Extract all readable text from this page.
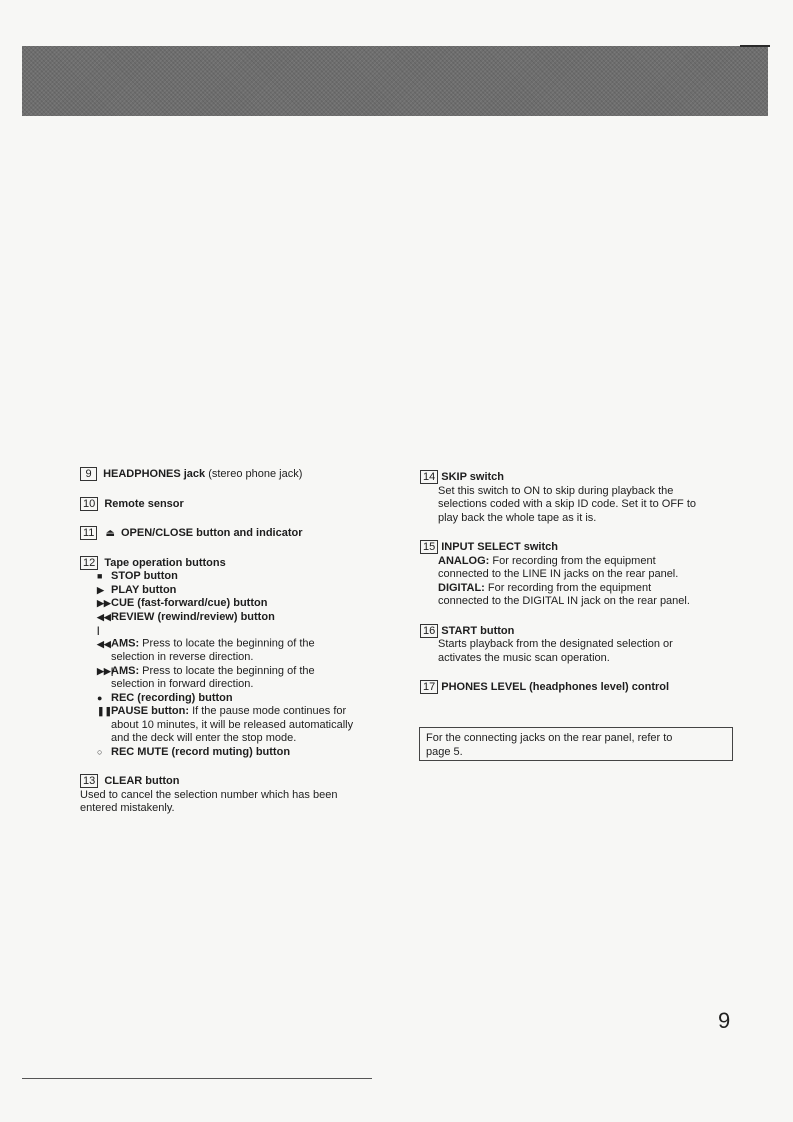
9 HEADPHONES jack (stereo phone jack)
10 Remote sensor
11 ⏏ OPEN/CLOSE button and indicator
12 Tape operation buttons
■ STOP button
▶ PLAY button
▶▶CUE (fast-forward/cue) button
◀◀REVIEW (rewind/review) button
|◀◀AMS: Press to locate the beginning of the
selection in reverse direction.
▶▶|AMS: Press to locate the beginning of the
selection in forward direction.
● REC (recording) button
❚❚PAUSE button: If the pause mode continues for
about 10 minutes, it will be released automatically
and the deck will enter the stop mode.
○ REC MUTE (record muting) button
13 CLEAR button
Used to cancel the selection number which has been
entered mistakenly.
14 SKIP switch
Set this switch to ON to skip during playback the
selections coded with a skip ID code. Set it to OFF to
play back the whole tape as it is.
15 INPUT SELECT switch
ANALOG: For recording from the equipment
connected to the LINE IN jacks on the rear panel.
DIGITAL: For recording from the equipment
connected to the DIGITAL IN jack on the rear panel.
16 START button
Starts playback from the designated selection or
activates the music scan operation.
17 PHONES LEVEL (headphones level) control
For the connecting jacks on the rear panel, refer to
page 5.
9
